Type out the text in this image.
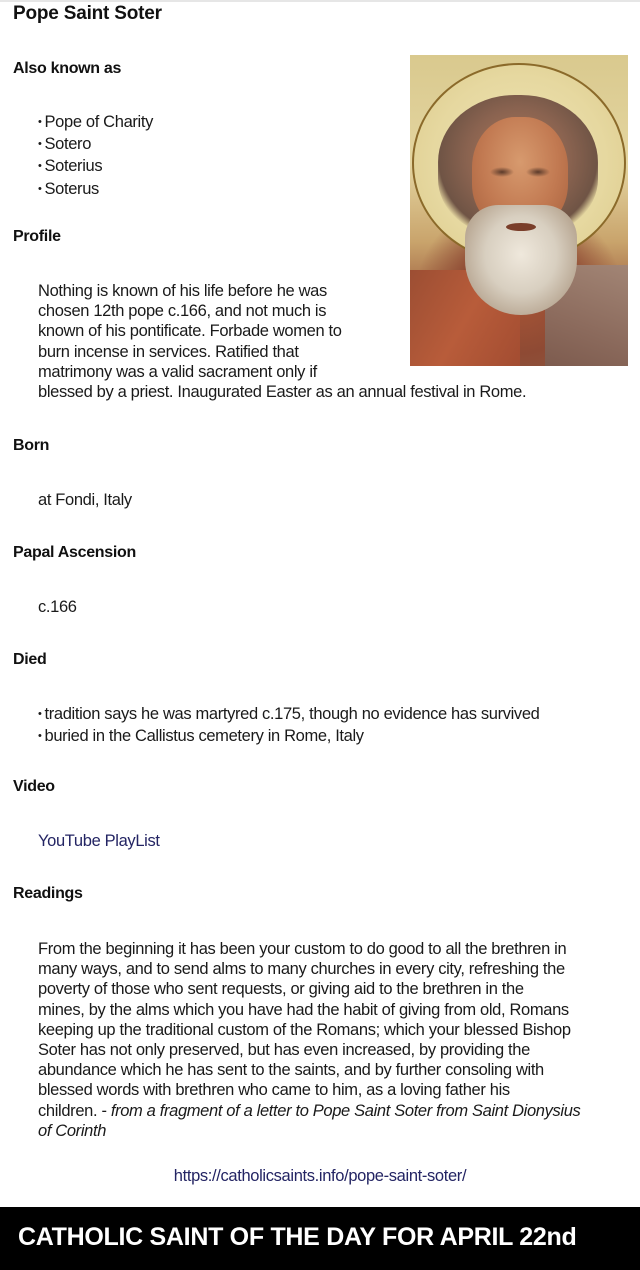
Pope Saint Soter
Also known as
• Pope of Charity
• Sotero
• Soterius
• Soterus
Profile
Nothing is known of his life before he was
chosen 12th pope c.166, and not much is
known of his pontificate. Forbade women to
burn incense in services. Ratified that
matrimony was a valid sacrament only if
blessed by a priest. Inaugurated Easter as an annual festival in Rome.
Born
at Fondi, Italy
Papal Ascension
c.166
Died
• tradition says he was martyred c.175, though no evidence has survived
• buried in the Callistus cemetery in Rome, Italy
Video
YouTube PlayList
Readings
From the beginning it has been your custom to do good to all the brethren in
many ways, and to send alms to many churches in every city, refreshing the
poverty of those who sent requests, or giving aid to the brethren in the
mines, by the alms which you have had the habit of giving from old, Romans
keeping up the traditional custom of the Romans; which your blessed Bishop
Soter has not only preserved, but has even increased, by providing the
abundance which he has sent to the saints, and by further consoling with
blessed words with brethren who came to him, as a loving father his
children. - from a fragment of a letter to Pope Saint Soter from Saint Dionysius
of Corinth
https://catholicsaints.info/pope-saint-soter/
CATHOLIC SAINT OF THE DAY FOR APRIL 22nd
